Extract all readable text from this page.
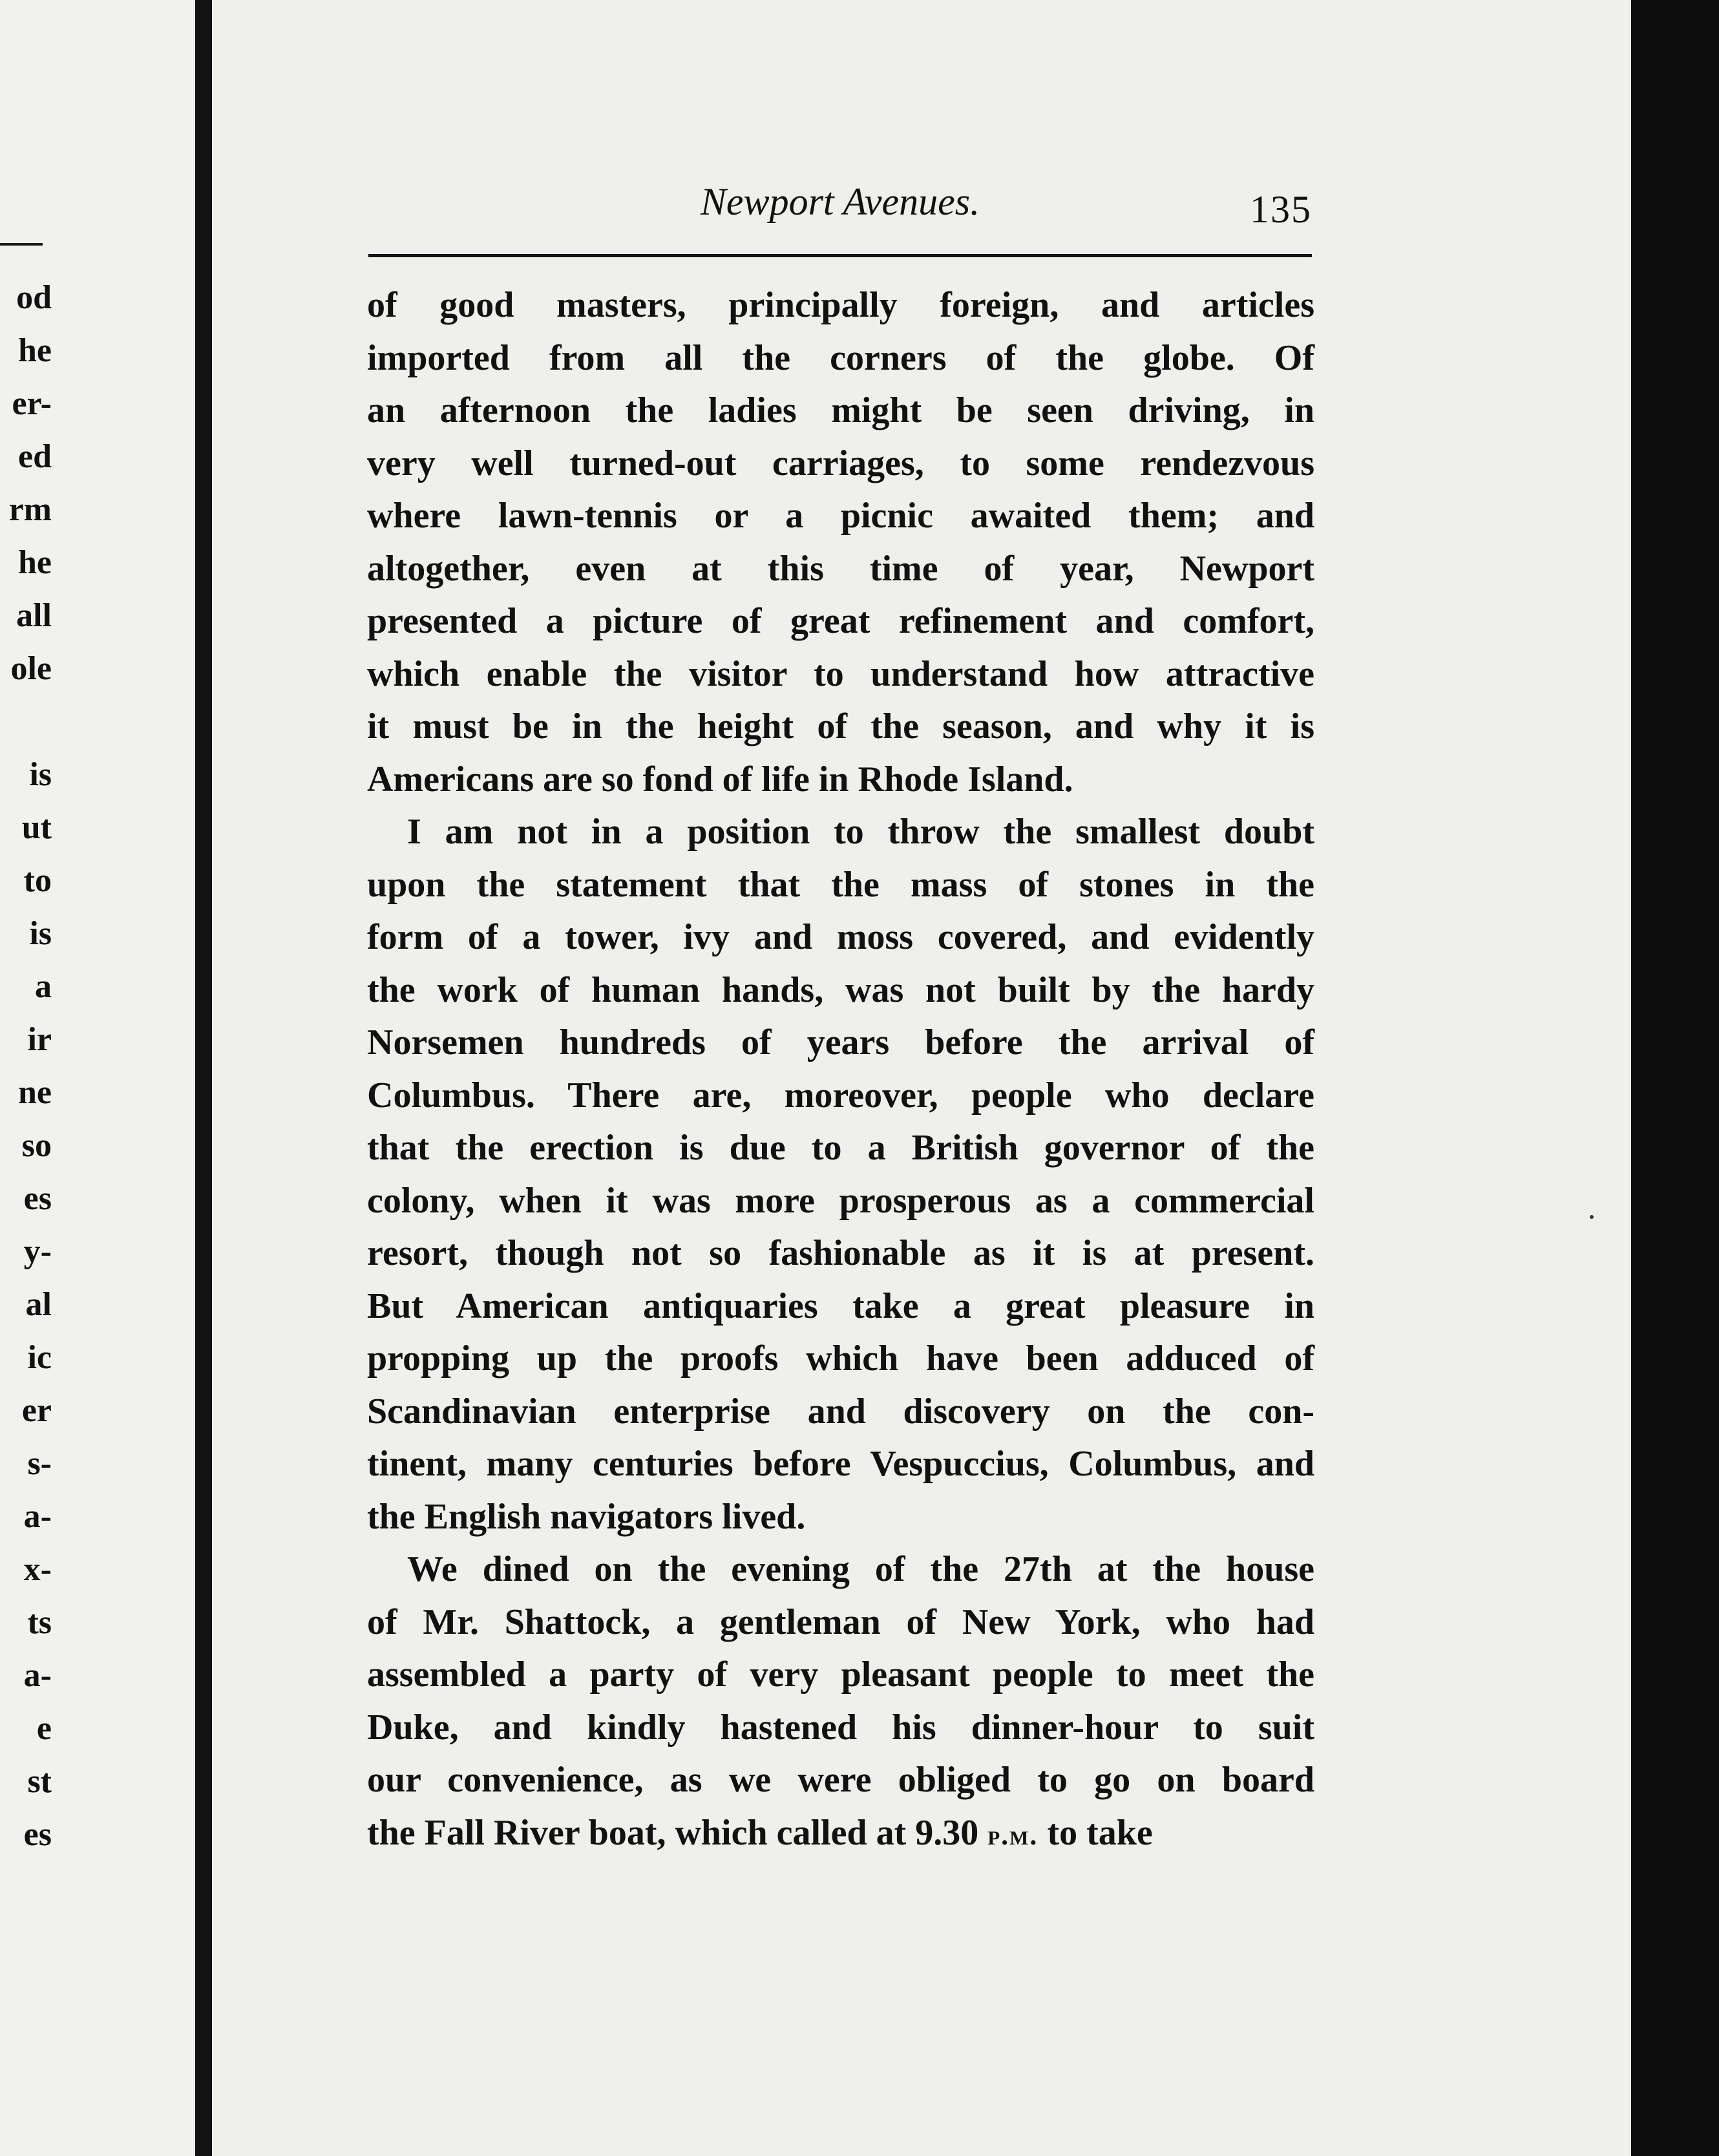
od
he
er-
ed
rm
he
all
ole
is
ut
to
is
a
ir
ne
so
es
y-
al
ic
er
s-
a-
x-
ts
a-
e
st
es
Newport Avenues.	135
of good masters, principally foreign, and articles
imported from all the corners of the globe. Of
an afternoon the ladies might be seen driving, in
very well turned-out carriages, to some rendezvous
where lawn-tennis or a picnic awaited them; and
altogether, even at this time of year, Newport
presented a picture of great refinement and comfort,
which enable the visitor to understand how attractive
it must be in the height of the season, and why it is
Americans are so fond of life in Rhode Island.
I am not in a position to throw the smallest doubt
upon the statement that the mass of stones in the
form of a tower, ivy and moss covered, and evidently
the work of human hands, was not built by the hardy
Norsemen hundreds of years before the arrival of
Columbus. There are, moreover, people who declare
that the erection is due to a British governor of the
colony, when it was more prosperous as a commercial
resort, though not so fashionable as it is at present.
But American antiquaries take a great pleasure in
propping up the proofs which have been adduced of
Scandinavian enterprise and discovery on the con-
tinent, many centuries before Vespuccius, Columbus, and
the English navigators lived.
We dined on the evening of the 27th at the house
of Mr. Shattock, a gentleman of New York, who had
assembled a party of very pleasant people to meet the
Duke, and kindly hastened his dinner-hour to suit
our convenience, as we were obliged to go on board
the Fall River boat, which called at 9.30 p.m. to take
